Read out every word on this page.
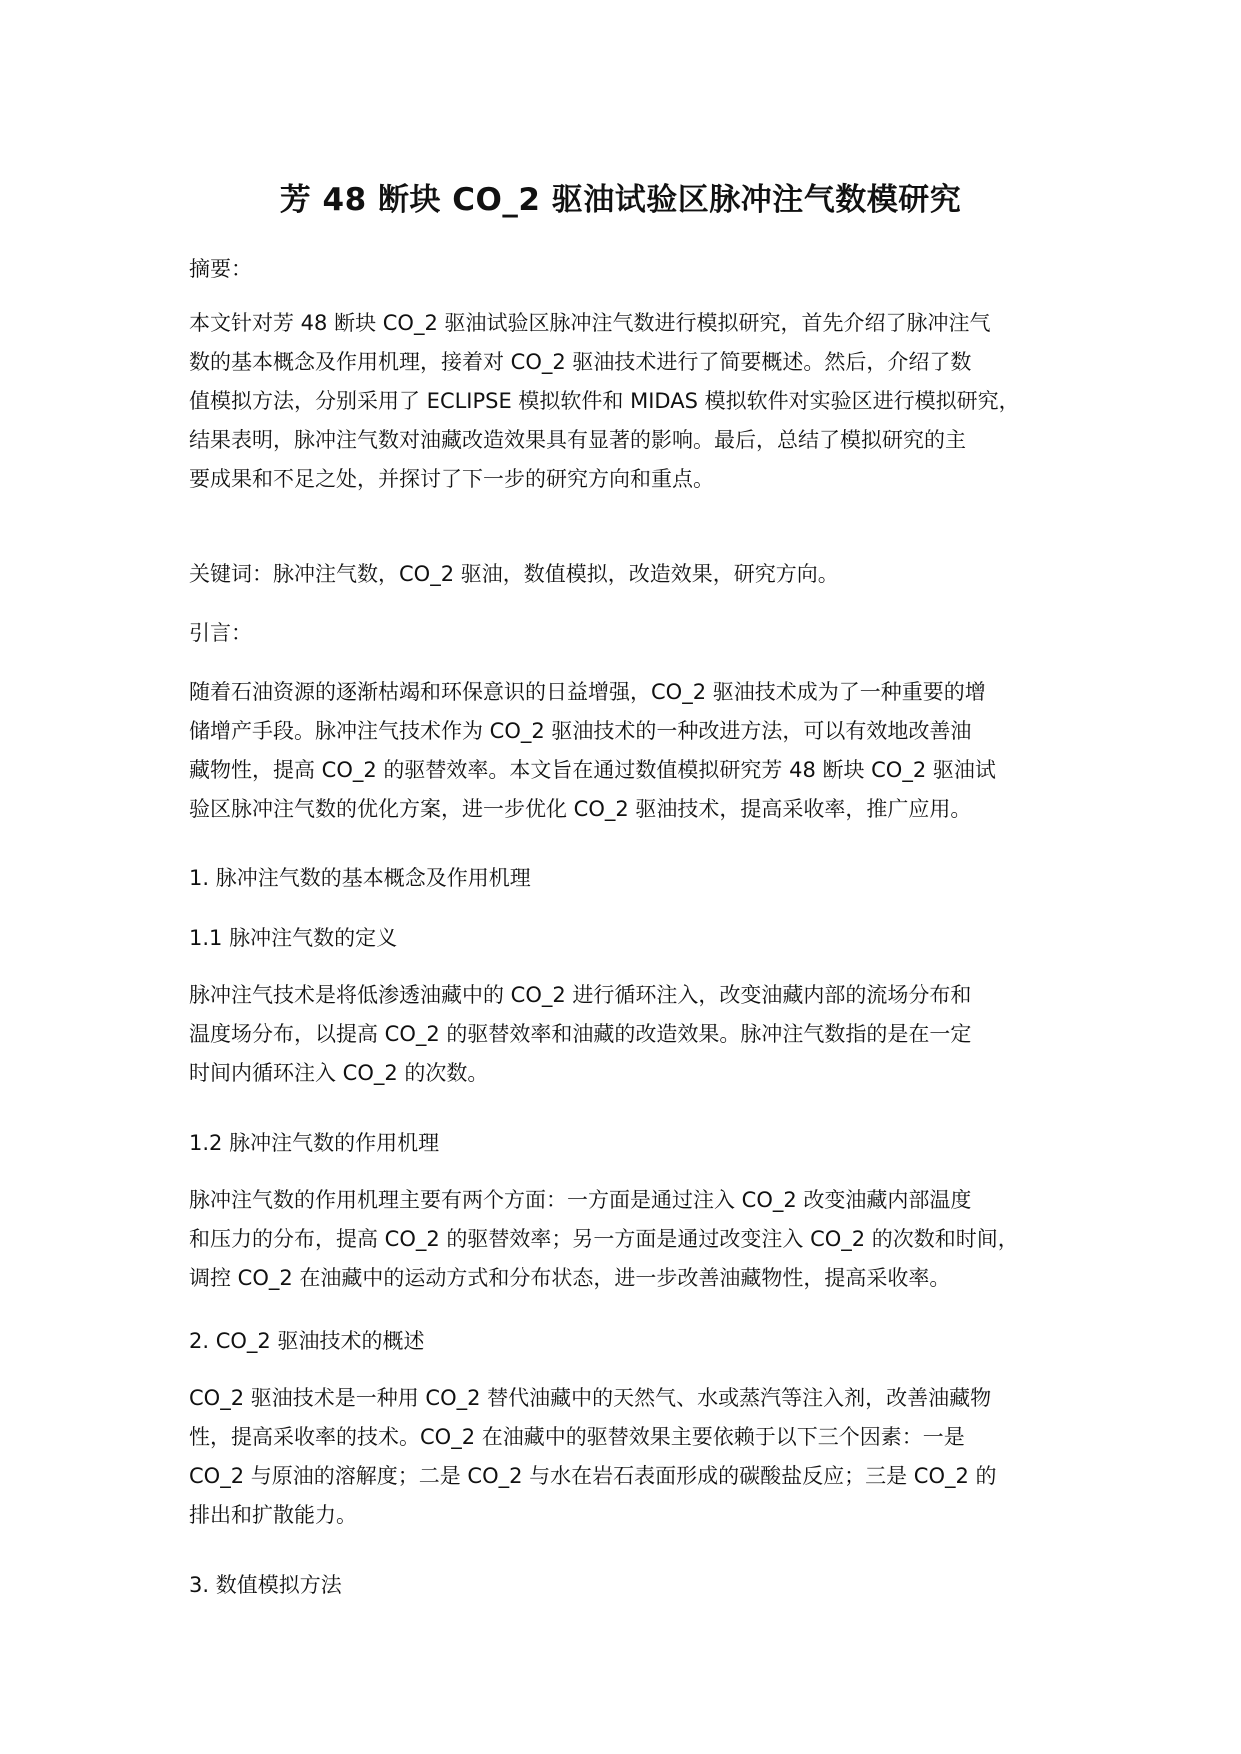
芳 48 断块 CO_2 驱油试验区脉冲注气数模研究

摘要：

本文针对芳 48 断块 CO_2 驱油试验区脉冲注气数进行模拟研究，首先介绍了脉冲注气
数的基本概念及作用机理，接着对 CO_2 驱油技术进行了简要概述。然后，介绍了数
值模拟方法，分别采用了 ECLIPSE 模拟软件和 MIDAS 模拟软件对实验区进行模拟研究，
结果表明，脉冲注气数对油藏改造效果具有显著的影响。最后，总结了模拟研究的主
要成果和不足之处，并探讨了下一步的研究方向和重点。

关键词：脉冲注气数，CO_2 驱油，数值模拟，改造效果，研究方向。

引言：

随着石油资源的逐渐枯竭和环保意识的日益增强，CO_2 驱油技术成为了一种重要的增
储增产手段。脉冲注气技术作为 CO_2 驱油技术的一种改进方法，可以有效地改善油
藏物性，提高 CO_2 的驱替效率。本文旨在通过数值模拟研究芳 48 断块 CO_2 驱油试
验区脉冲注气数的优化方案，进一步优化 CO_2 驱油技术，提高采收率，推广应用。

1. 脉冲注气数的基本概念及作用机理

1.1 脉冲注气数的定义

脉冲注气技术是将低渗透油藏中的 CO_2 进行循环注入，改变油藏内部的流场分布和
温度场分布，以提高 CO_2 的驱替效率和油藏的改造效果。脉冲注气数指的是在一定
时间内循环注入 CO_2 的次数。

1.2 脉冲注气数的作用机理

脉冲注气数的作用机理主要有两个方面：一方面是通过注入 CO_2 改变油藏内部温度
和压力的分布，提高 CO_2 的驱替效率；另一方面是通过改变注入 CO_2 的次数和时间，
调控 CO_2 在油藏中的运动方式和分布状态，进一步改善油藏物性，提高采收率。

2. CO_2 驱油技术的概述

CO_2 驱油技术是一种用 CO_2 替代油藏中的天然气、水或蒸汽等注入剂，改善油藏物
性，提高采收率的技术。CO_2 在油藏中的驱替效果主要依赖于以下三个因素：一是
CO_2 与原油的溶解度；二是 CO_2 与水在岩石表面形成的碳酸盐反应；三是 CO_2 的
排出和扩散能力。

3. 数值模拟方法
